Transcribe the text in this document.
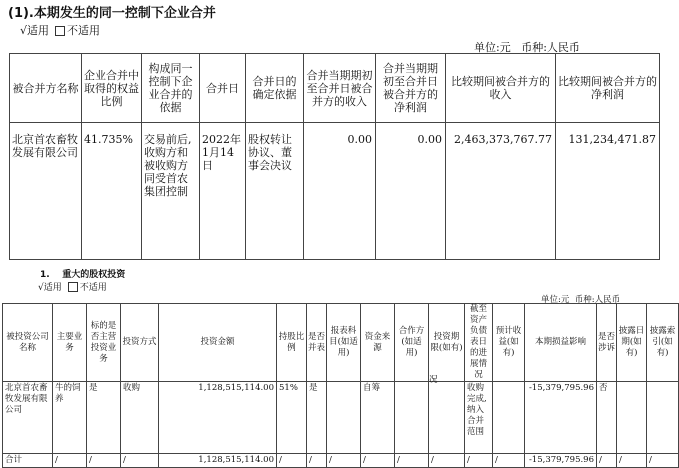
(1).本期发生的同一控制下企业合并
√适用 不适用
单位:元 币种:人民币
被合并方名称	企业合并中取得的权益比例	构成同一控制下企业合并的依据	合并日	合并日的确定依据	合并当期期初至合并日被合并方的收入	合并当期期初至合并日被合并方的净利润	比较期间被合并方的收入	比较期间被合并方的净利润
北京首农畜牧发展有限公司	41.735%	交易前后,收购方和被收购方同受首农集团控制	2022年1月14日	股权转让协议、董事会决议	0.00	0.00	2,463,373,767.77	131,234,471.87
1. 重大的股权投资
√适用 不适用
单位:元 币种:人民币
被投资公司名称	主要业务	标的是否主营投资业务	投资方式	投资金额	持股比例	是否并表	报表科目(如适用)	资金来源	合作方(如适用)	投资期限(如有)	截至资产负债表日的进展情况	预计收益(如有)	本期损益影响	是否涉诉	披露日期(如有)	披露索引(如有)
北京首农畜牧发展有限公司	牛的饲养	是	收购	1,128,515,114.00	51%	是		自筹			收购完成,纳入合并范围		-15,379,795.96	否		
合计	/	/	/	1,128,515,114.00	/	/	/	/	/	/	/	/	-15,379,795.96	/	/	/
况
